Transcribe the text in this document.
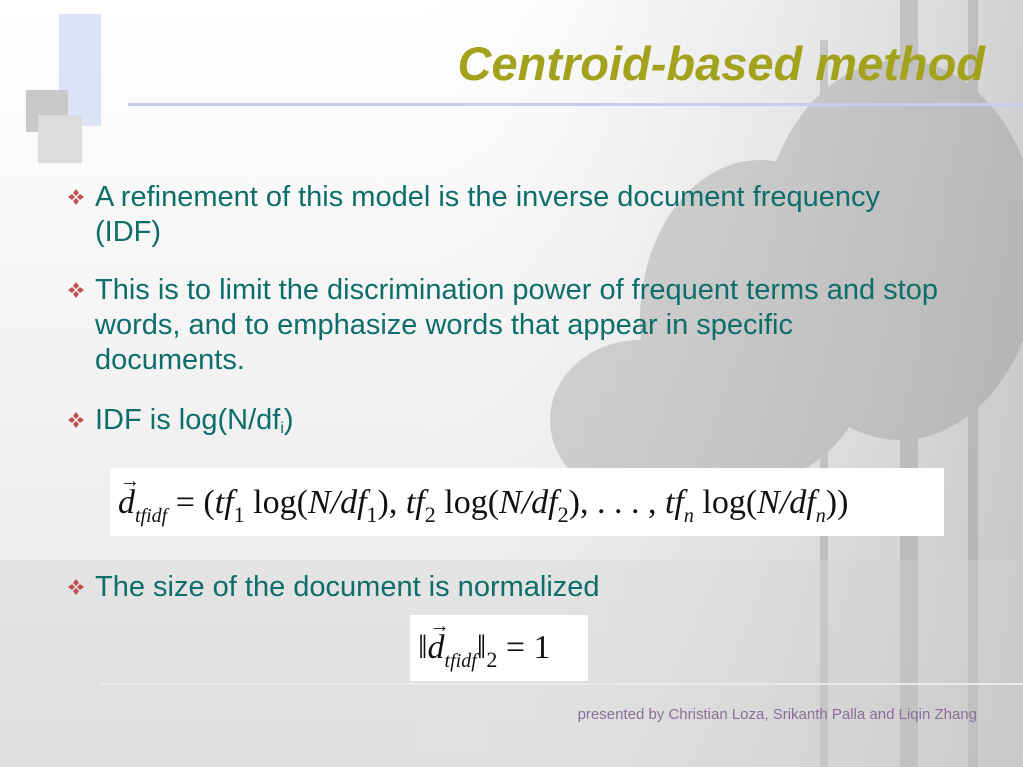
Centroid-based method
A refinement of this model is the inverse document frequency (IDF)
This is to limit the discrimination power of frequent terms and stop words, and to emphasize words that appear in specific documents.
IDF is $\log(N/df_i)$
→
$d_{tfidf} = (tf_1$ $\log(N/df_1)$, $tf_2$ $\log(N/df_2)$, . . . , $tf_n$ $\log(N/df_n)$)
The size of the document is normalized
‖
→
$d_{tfidf}‖_2 = 1$
presented by Christian Loza, Srikanth Palla and Liqin Zhang
